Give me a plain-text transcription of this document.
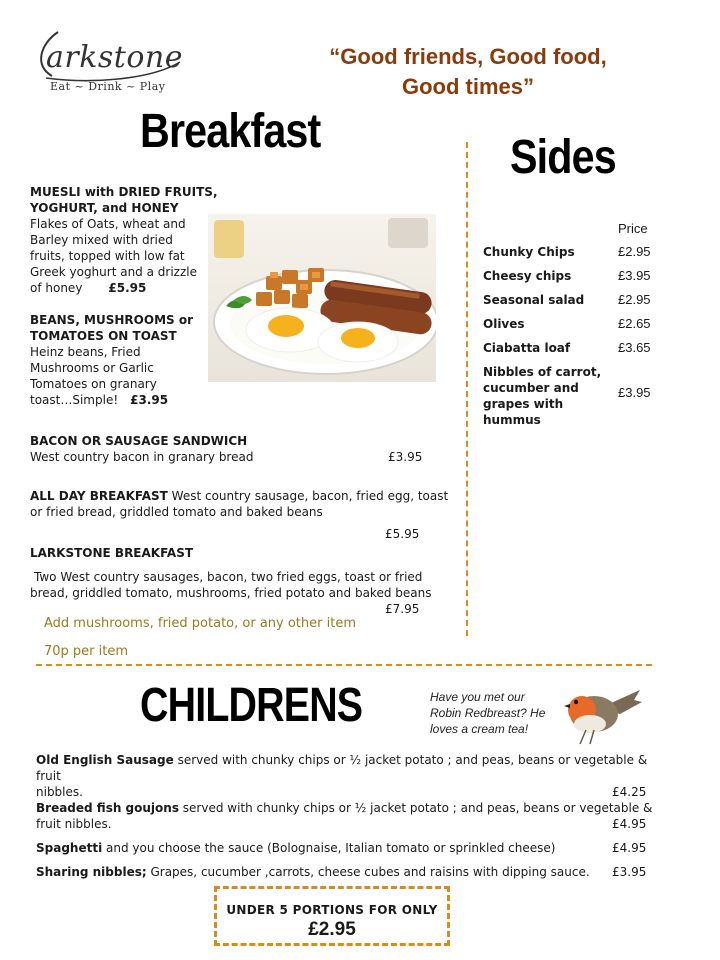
arkstone
Eat ~ Drink ~ Play
“Good friends, Good food,
Good times”
Breakfast	Sides
MUESLI with DRIED FRUITS,
YOGHURT, and HONEY
Flakes of Oats, wheat and
Barley mixed with dried
fruits, topped with low fat
Greek yoghurt and a drizzle
of honey £5.95
BEANS, MUSHROOMS or
TOMATOES ON TOAST
Heinz beans, Fried
Mushrooms or Garlic
Tomatoes on granary
toast…Simple! £3.95
BACON OR SAUSAGE SANDWICH
West country bacon in granary bread	£3.95
ALL DAY BREAKFAST West country sausage, bacon, fried egg, toast
or fried bread, griddled tomato and baked beans
£5.95
LARKSTONE BREAKFAST
Two West country sausages, bacon, two fried eggs, toast or fried
bread, griddled tomato, mushrooms, fried potato and baked beans
£7.95
Add mushrooms, fried potato, or any other item
70p per item
Price
Chunky Chips	£2.95
Cheesy chips	£3.95
Seasonal salad	£2.95
Olives	£2.65
Ciabatta loaf	£3.65
Nibbles of carrot,
cucumber and
grapes with
hummus
£3.95
CHILDRENS	Have you met our
Robin Redbreast? He
loves a cream tea!
Old English Sausage served with chunky chips or ½ jacket potato ; and peas, beans or vegetable & fruit
nibbles.	£4.25
Breaded fish goujons served with chunky chips or ½ jacket potato ; and peas, beans or vegetable &
fruit nibbles.	£4.95
Spaghetti and you choose the sauce (Bolognaise, Italian tomato or sprinkled cheese)	£4.95
Sharing nibbles; Grapes, cucumber ,carrots, cheese cubes and raisins with dipping sauce. £3.95
UNDER 5 PORTIONS FOR ONLY
£2.95
